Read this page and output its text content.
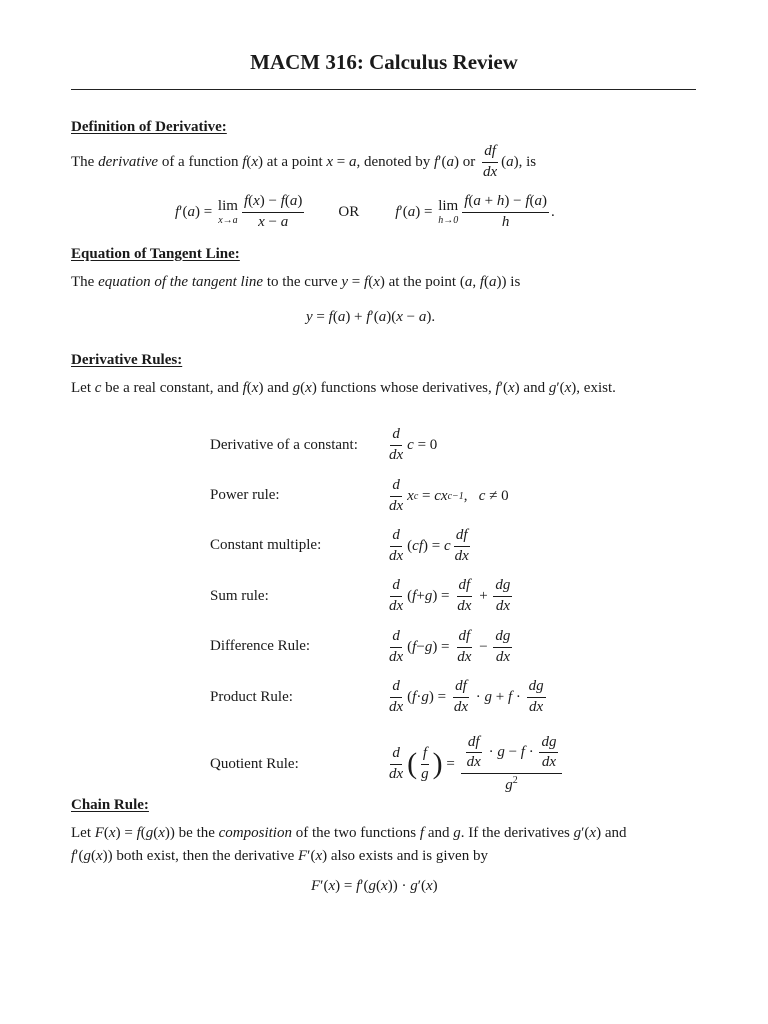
MACM 316: Calculus Review
Definition of Derivative:
The
derivative
of a function
f ( x ) at a point
x = a , denoted by
f ′( a ) or
$\frac{df}{dx}$ ( a ) , is
f ′( a ) = lim
$x\to a \frac{f(x) - f(a)}{x - a}$ OR f ′( a ) = lim
$h\to 0 \frac{f(a + h) - f(a)}{h}$ .
Equation of Tangent Line:
The equation of the tangent line to the curve y = f(x) at the point (a, f(a)) is
y = f(a) + f′(a)(x − a).
Derivative Rules:
Let c be a real constant, and f(x) and g(x) functions whose derivatives, f′(x) and g′(x), exist.
Derivative of a constant: $\frac{d}{dx}$ c = 0
Power rule:	$\frac{d}{dx}$ x c = cx c−1 , c ≠ 0
Constant multiple:	$\frac{d}{dx}$ ( cf ) = c $\frac{df}{dx}$
Sum rule:	$\frac{d}{dx}$ ( f + g ) = $\frac{df}{dx} + \frac{dg}{dx}$
Difference Rule:	$\frac{d}{dx}$ ( f − g ) = $\frac{df}{dx} - \frac{dg}{dx}$
Product Rule:	$\frac{d}{dx}$ ( f · g ) = $\frac{df}{dx} \cdot g + f \cdot \frac{dg}{dx}$
Quotient Rule:	$\frac{d}{dx}$ ( $\frac{f}{g}$ ) = $\frac{\frac{df}{dx} \cdot g - f \cdot \frac{dg}{dx}}{g^2}$
Chain Rule:
Let F(x) = f(g(x)) be the composition of the two functions f and g. If the derivatives g′(x) and
f′(g(x)) both exist, then the derivative F′(x) also exists and is given by
F′(x) = f′(g(x)) · g′(x)
